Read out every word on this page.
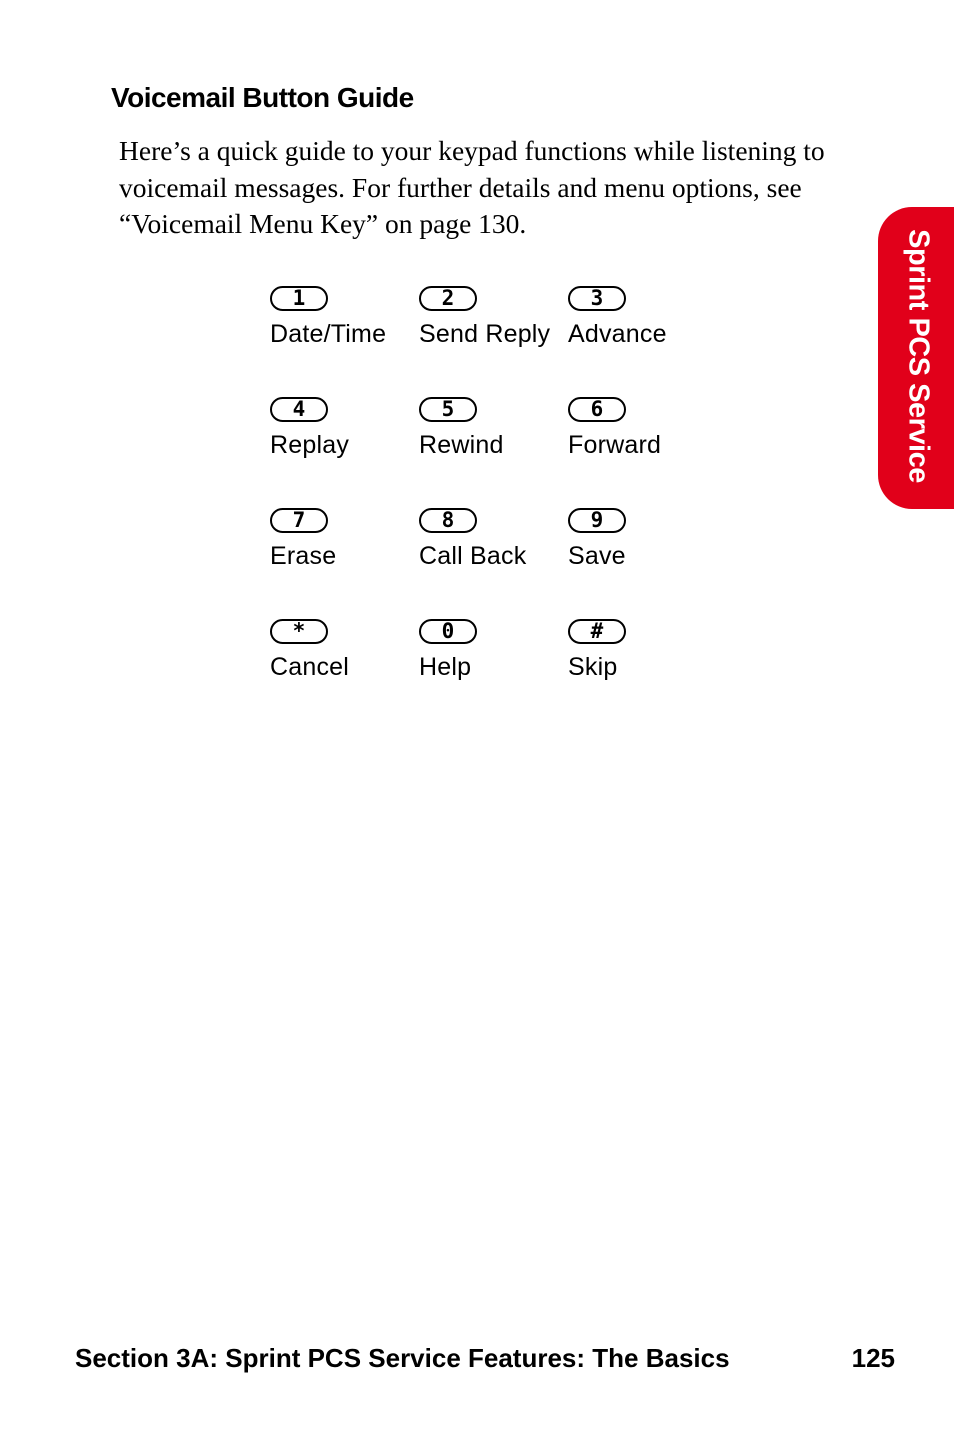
Voicemail Button Guide

Here’s a quick guide to your keypad functions while listening to voicemail messages. For further details and menu options, see “Voicemail Menu Key” on page 130.

Sprint PCS Service
1
Date/Time
2
Send Reply
3
Advance
4
Replay
5
Rewind
6
Forward
7
Erase
8
Call Back
9
Save
*
Cancel
0
Help
#
Skip
Section 3A: Sprint PCS Service Features: The Basics	125
